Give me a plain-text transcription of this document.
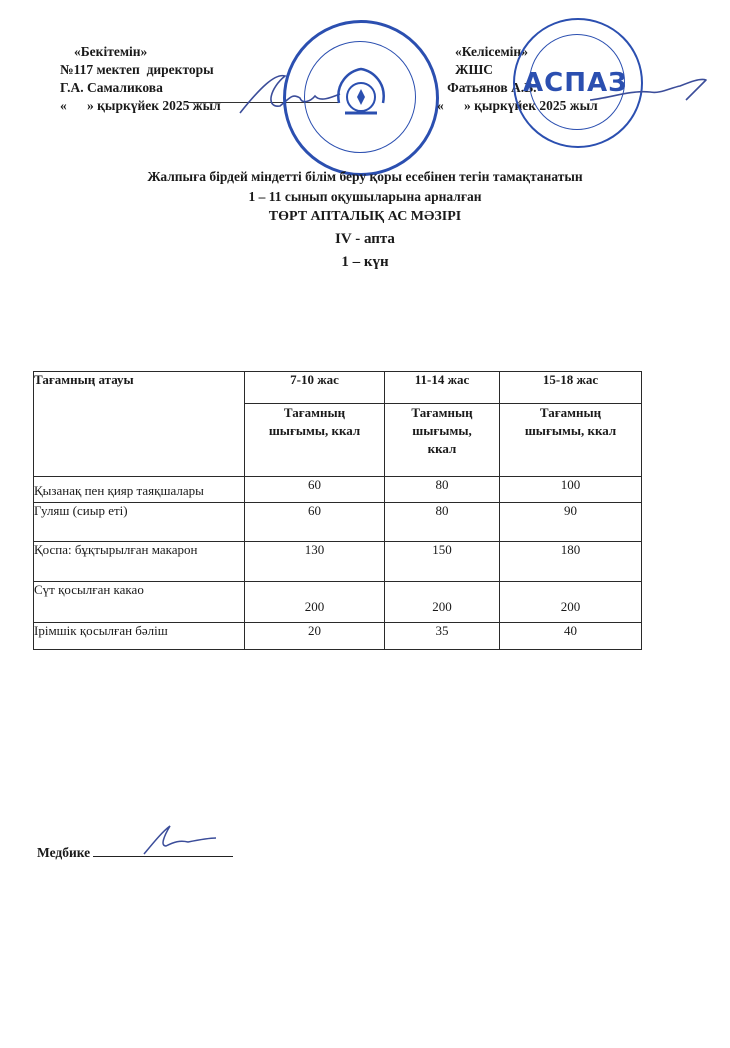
«Бекітемін»
№117 мектеп  директоры
Г.А. Самаликова
«      » қыркүйек 2025 жыл
«Келісемін»
ЖШС
Фатьянов А.В.
«      » қыркүйек 2025 жыл
АСПАЗ
Жалпыға бірдей міндетті білім беру қоры есебінен тегін тамақтанатын
1 – 11 сынып оқушыларына арналған
ТӨРТ АПТАЛЫҚ АС МӘЗІРІ
IV - апта
1 – күн
Тағамның атауы	7-10 жас	11-14 жас	15-18 жас
	Тағамның шығымы, ккал	Тағамның шығымы, ккал	Тағамның шығымы, ккал
Қызанақ пен қияр таяқшалары	60	80	100
Гуляш (сиыр еті)	60	80	90
Қоспа: бұқтырылған макарон	130	150	180
Сүт қосылған какао	200	200	200
Ірімшік қосылған бәліш	20	35	40
Медбике
